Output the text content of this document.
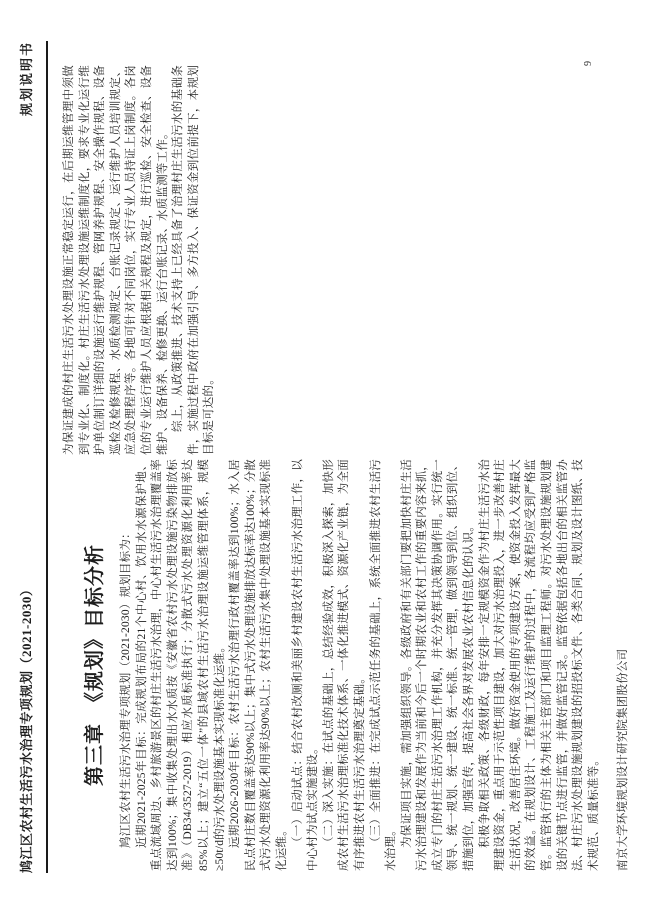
鸠江区农村生活污水治理专项规划（2021-2030）
规划说明书
第三章　《规划》目标分析 鸠江区农村生活污水治理专项规划（2021-2030）规划目标为： 近期2021-2025年目标：完成规划布局的21个中心村、饮用水水源保护地、重点流域周边、乡村旅游景区的村庄生活污水治理，中心村生活污水治理覆盖率达到100%；集中收集处理出水水质按《安徽省农村污水处理设施污染物排放标准》（DB34/3527-2019）相应水质标准执行；分散式污水处理资源化利用率达85%以上；建立“五位一体”的县域农村生活污水治理设施运维管理体系，规模≥50t/d的污水处理设施基本实现标准化运维。 远期2026-2030年目标：农村生活污水治理行政村覆盖率达到100%；水入居民点村庄数目覆盖率达90%以上；集中式污水处理设施排放达标率达100%；分散式污水处理资源化利用率达90%以上；农村生活污水集中处理设施基本实现标准化运维。 （一）启动试点：结合农村改厕和美丽乡村建设农村生活污水治理工作，以中心村为试点实施建设。 （二）深入实施：在试点的基础上，总结经验成效，积极深入探索，加快形成农村生活污水治理标准化技术体系、一体化推进模式、资源化产业链，为全面有序推进农村生活污水治理奠定基础。 （三）全面推进：在完成试点示范任务的基础上，系统全面推进农村生活污水治理。 为保证项目实施，需加强组织领导。各级政府和有关部门要把加快村庄生活污水治理建设和发展作为当前和今后一个时期农业和农村工作的重要内容来抓，成立专门的村庄生活污水治理工作机构，并充分发挥其决策协调作用。实行统一领导、统一规划、统一建设、统一标准、统一管理，做到领导到位、组织到位、措施到位，加强宣传，提高社会各界对发展农业农村信息化的认识。 积极争取相关政策、各级财政，每年安排一定规模资金作为村庄生活污水治理建设资金，重点用于示范性项目建设，加大对污水治理投入，进一步改善村庄生活状况，改善居住环境。做好资金使用的专项建设方案，使资金投入发挥最大的效益。在规划设计、工程施工及运行维护的过程中，各流程均应受到严格监管。监管执行的主体为相关主管部门和项目监理工程师。对污水处理设施规划建设的关键节点进行监管，并做好监管记录。监管依据包括各地出台的相关监管办法、村庄污水处理设施规划建设的招投标文件、各类合同、规划及设计图纸、技术规范、质量标准等。 南京大学环境规划设计研究院集团股份公司

为保证建成的村庄生活污水处理设施正常稳定运行，在后期运维管理中须做到专业化、制度化。村庄生活污水处理设施运维制度化，要求专业化运行维护单位制订详细的设施运行维护规程、管网养护规程、安全操作规程、设备巡检及检修规程、水质检测规定、台账记录规定、运行维护人员培训规定、应急处理程序等。各地可针对不同岗位，实行专业人员持证上岗制度。各岗位的专业运行维护人员应根据相关规程及规定，进行巡检、安全检查、设备维护、设备保养、检修更换、运行台账记录、水质监测等工作。 综上，从政策推进、技术支持上已经具备了治理村庄生活污水的基础条件，实施过程中政府在加强引导、多方投入、保证资金到位前提下，本规划目标是可达的。

9
